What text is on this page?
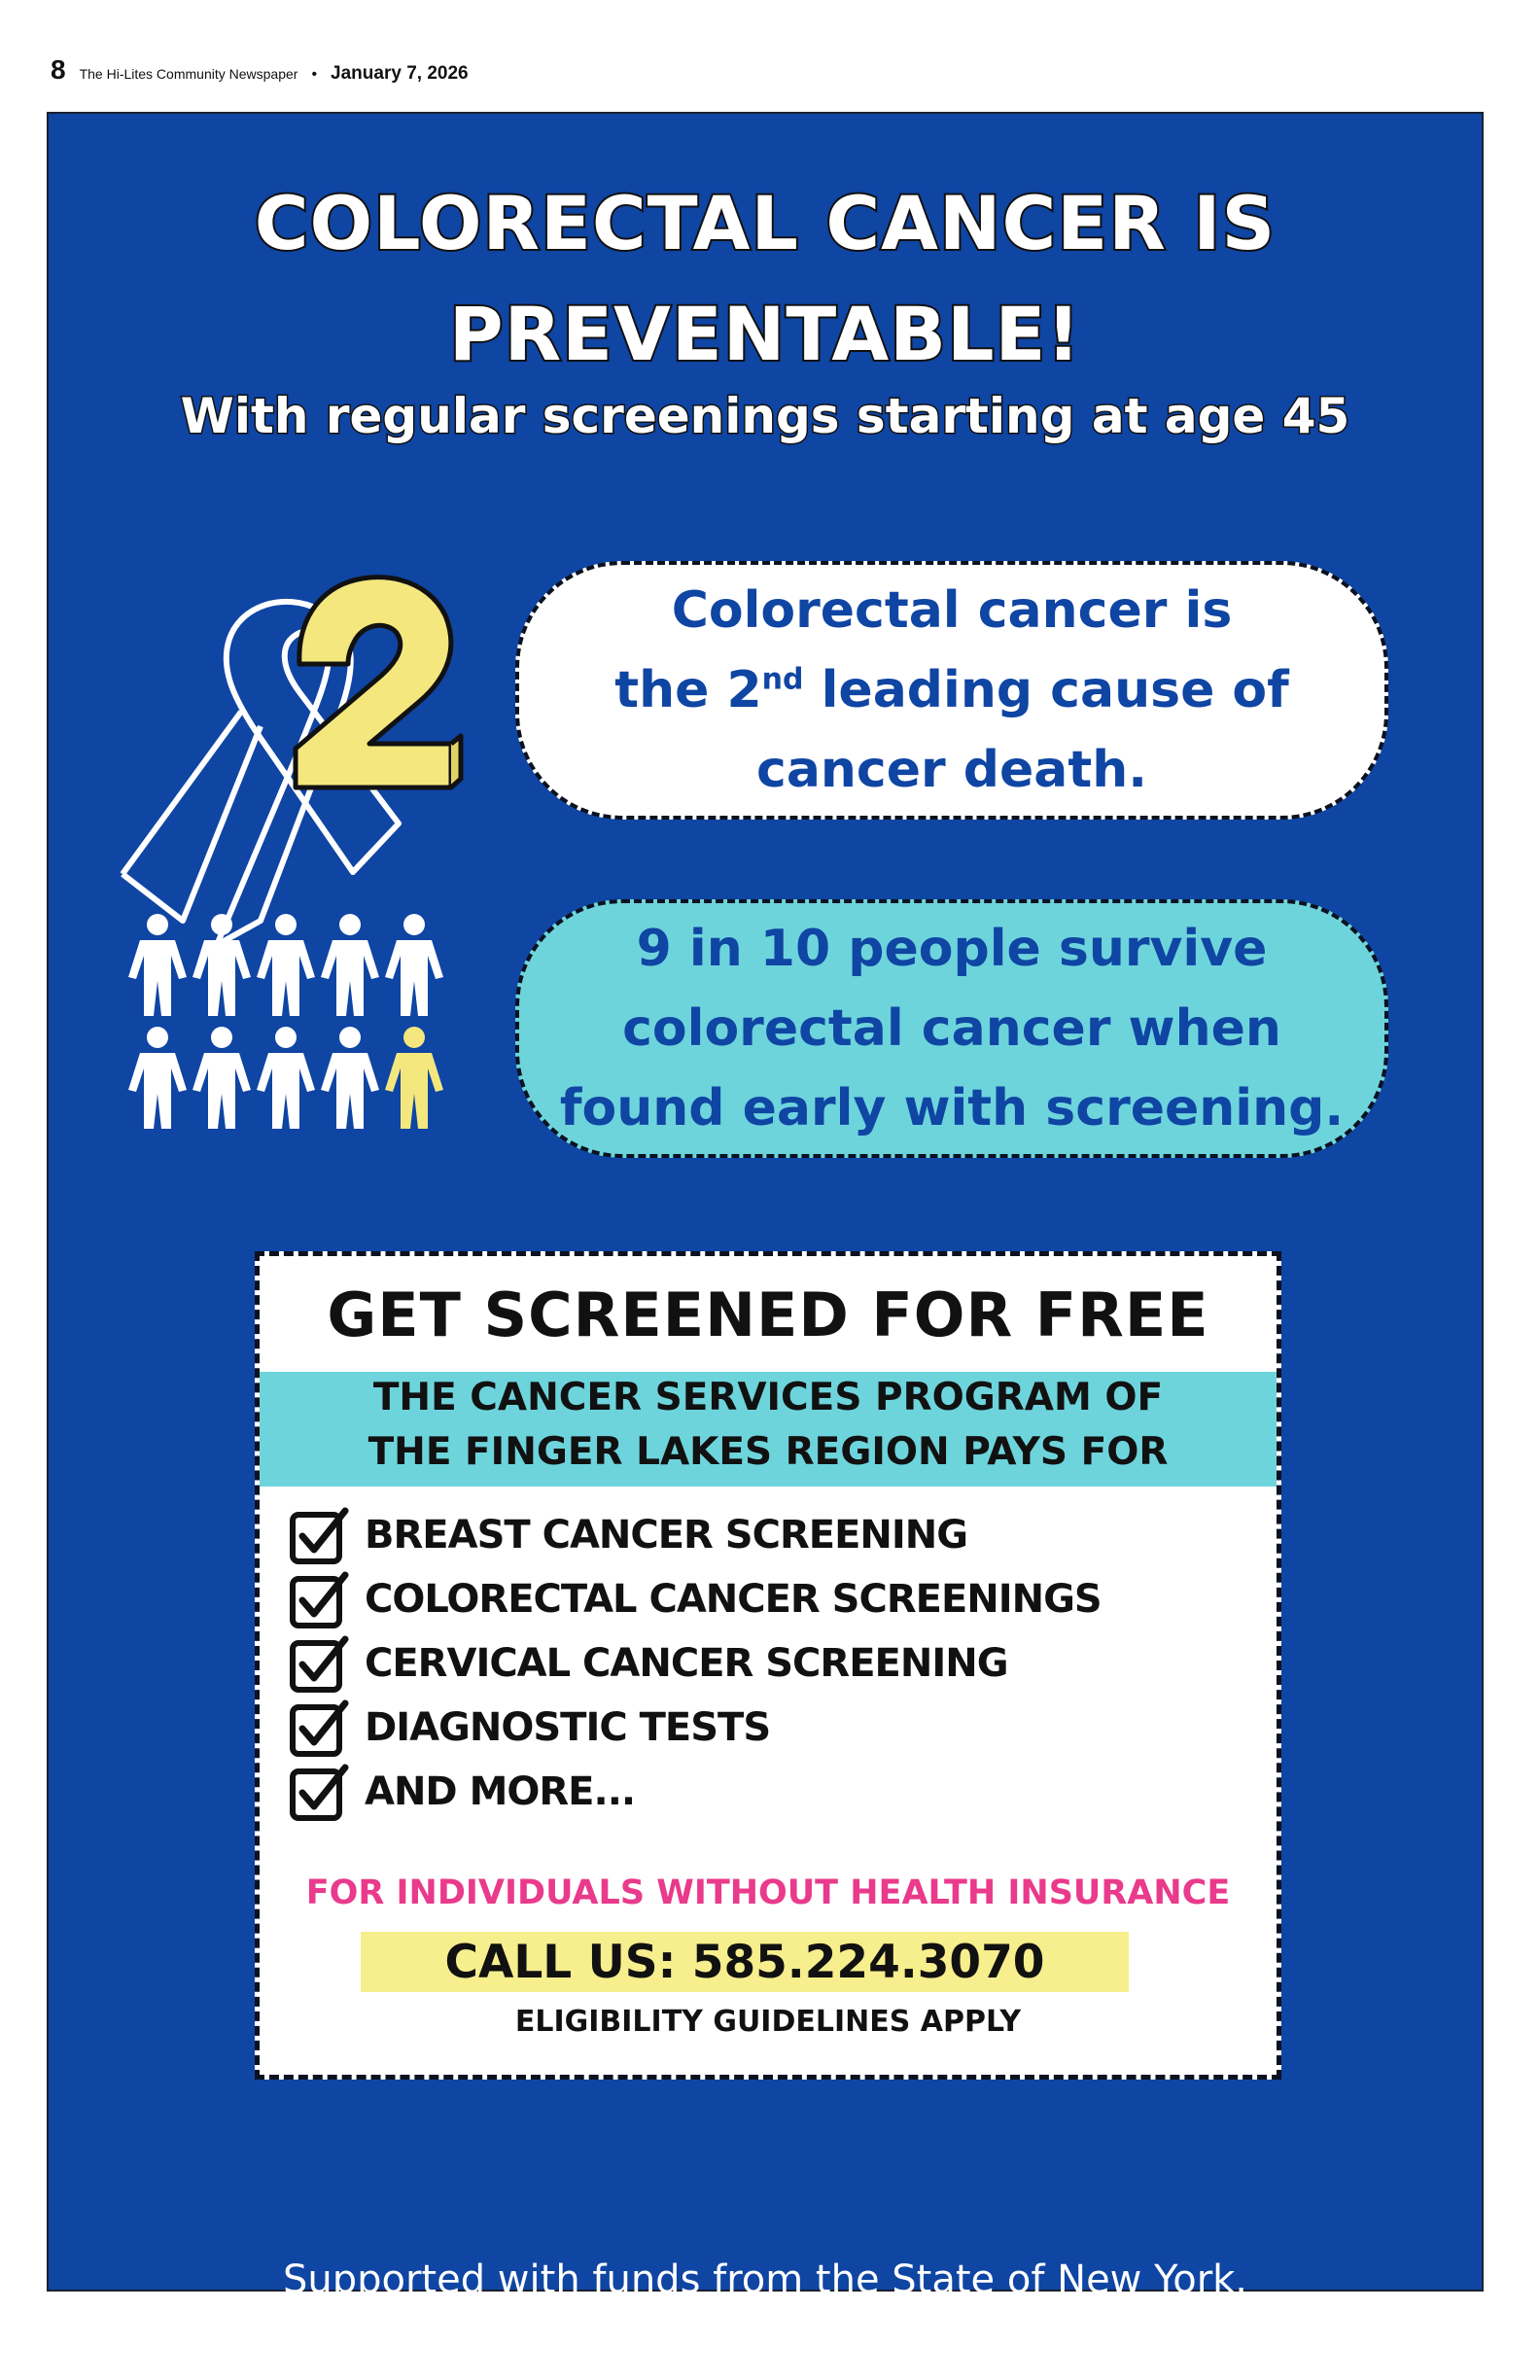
8 The Hi-Lites Community Newspaper • January 7, 2026
COLORECTAL CANCER IS
PREVENTABLE!
With regular screenings starting at age 45
Colorectal cancer is
the 2nd leading cause of
cancer death.
9 in 10 people survive
colorectal cancer when
found early with screening.
GET SCREENED FOR FREE
THE CANCER SERVICES PROGRAM OF
THE FINGER LAKES REGION PAYS FOR
BREAST CANCER SCREENING
COLORECTAL CANCER SCREENINGS
CERVICAL CANCER SCREENING
DIAGNOSTIC TESTS
AND MORE...
FOR INDIVIDUALS WITHOUT HEALTH INSURANCE
CALL US: 585.224.3070
ELIGIBILITY GUIDELINES APPLY
Supported with funds from the State of New York.
